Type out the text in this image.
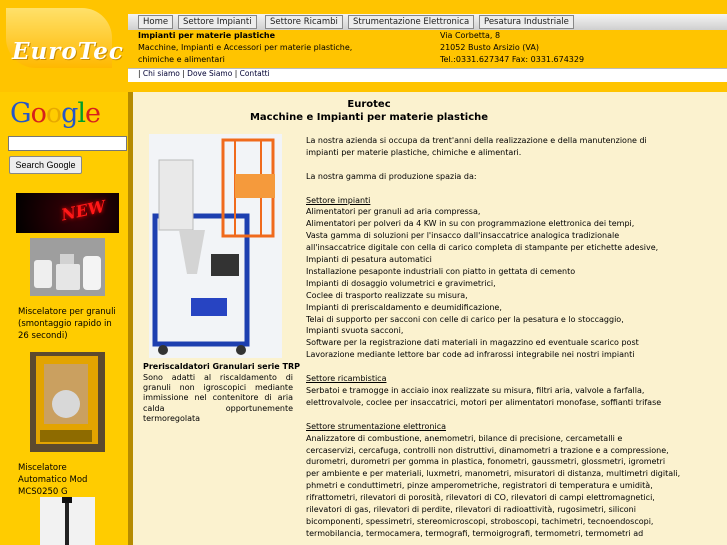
EuroTec
Home	Settore Impianti	Settore Ricambi	Strumentazione Elettronica	Pesatura Industriale
Impianti per materie plastiche
Macchine, Impianti e Accessori per materie plastiche,
chimiche e alimentari
Via Corbetta, 8
21052 Busto Arsizio (VA)
Tel.:0331.627347 Fax: 0331.674329
| Chi siamo | Dove Siamo | Contatti
Google
Search Google
NEW
Miscelatore per granuli (smontaggio rapido in 26 secondi)
Miscelatore Automatico Mod MCS0250 G
Eurotec
Macchine e Impianti per materie plastiche
Preriscaldatori Granulari serie TRP
Sono adatti al riscaldamento di granuli non igroscopici mediante immissione nel contenitore di aria calda opportunemente termoregolata

La nostra azienda si occupa da trent'anni della realizzazione e della manutenzione di
impianti per materie plastiche, chimiche e alimentari.

La nostra gamma di produzione spazia da:

Settore impianti
Alimentatori per granuli ad aria compressa,
Alimentatori per polveri da 4 KW in su con programmazione elettronica dei tempi,
Vasta gamma di soluzioni per l'insacco dall'insaccatrice analogica tradizionale
all'insaccatrice digitale con cella di carico completa di stampante per etichette adesive,
Impianti di pesatura automatici
Installazione pesaponte industriali con piatto in gettata di cemento
Impianti di dosaggio volumetrici e gravimetrici,
Coclee di trasporto realizzate su misura,
Impianti di preriscaldamento e deumidificazione,
Telai di supporto per sacconi con celle di carico per la pesatura e lo stoccaggio,
Impianti svuota sacconi,
Software per la registrazione dati materiali in magazzino ed eventuale scarico post
Lavorazione mediante lettore bar code ad infrarossi integrabile nei nostri impianti

Settore ricambistica
Serbatoi e tramogge in acciaio inox realizzate su misura, filtri aria, valvole a farfalla,
elettrovalvole, coclee per insaccatrici, motori per alimentatori monofase, soffianti trifase

Settore strumentazione elettronica
Analizzatore di combustione, anemometri, bilance di precisione, cercametalli e
cercaservizi, cercafuga, controlli non distruttivi, dinamometri a trazione e a compressione,
durometri, durometri per gomma in plastica, fonometri, gaussmetri, glossmetri, igrometri
per ambiente e per materiali, luxmetri, manometri, misuratori di distanza, multimetri digitali,
phmetri e conduttimetri, pinze amperometriche, registratori di temperatura e umidità,
rifrattometri, rilevatori di porosità, rilevatori di CO, rilevatori di campi elettromagnetici,
rilevatori di gas, rilevatori di perdite, rilevatori di radioattività, rugosimetri, siliconi
bicomponenti, spessimetri, stereomicroscopi, stroboscopi, tachimetri, tecnoendoscopi,
termobilancia, termocamera, termografi, termoigrografi, termometri, termometri ad
